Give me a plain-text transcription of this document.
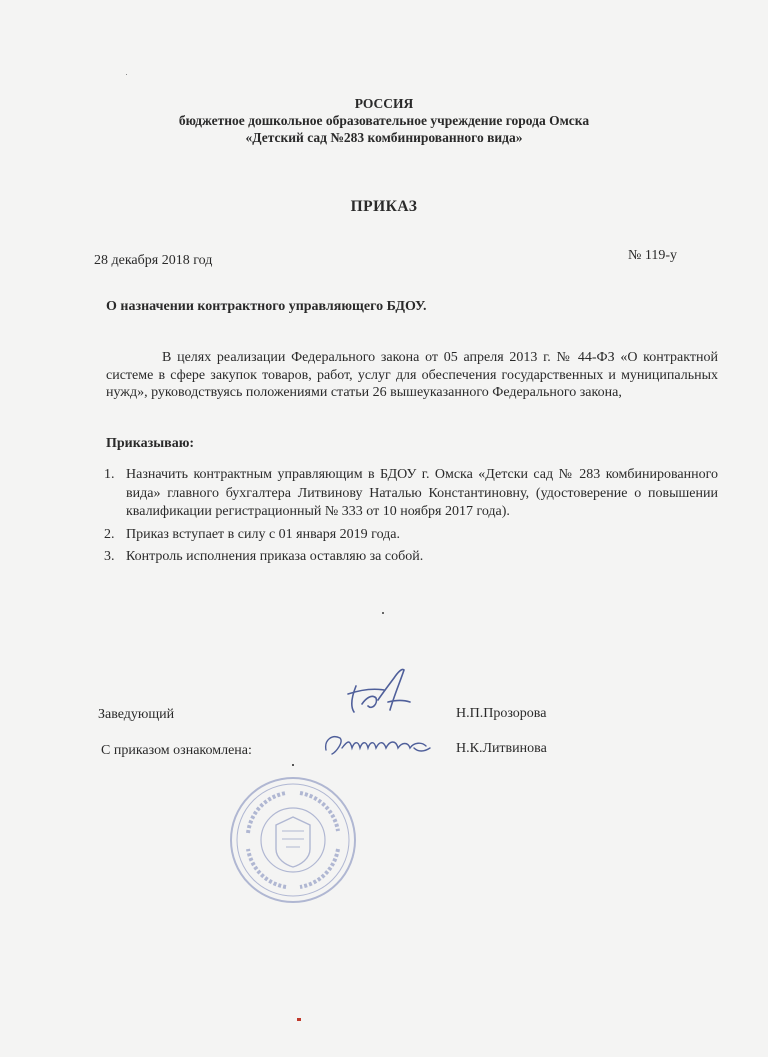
РОССИЯ
бюджетное дошкольное образовательное учреждение города Омска
«Детский сад №283 комбинированного вида»
ПРИКАЗ
28 декабря 2018 год	№ 119-у
О назначении контрактного управляющего БДОУ.
В целях реализации Федерального закона от 05 апреля 2013 г. № 44-ФЗ «О контрактной системе в сфере закупок товаров, работ, услуг для обеспечения государственных и муниципальных нужд», руководствуясь положениями статьи 26 вышеуказанного Федерального закона,
Приказываю:
1. Назначить контрактным управляющим в БДОУ г. Омска «Детски сад № 283 комбинированного вида» главного бухгалтера Литвинову Наталью Константиновну, (удостоверение о повышении квалификации регистрационный № 333 от 10 ноября 2017 года).
2. Приказ вступает в силу с 01 января 2019 года.
3. Контроль исполнения приказа оставляю за собой.
Заведующий	Н.П.Прозорова
С приказом ознакомлена:	Н.К.Литвинова
